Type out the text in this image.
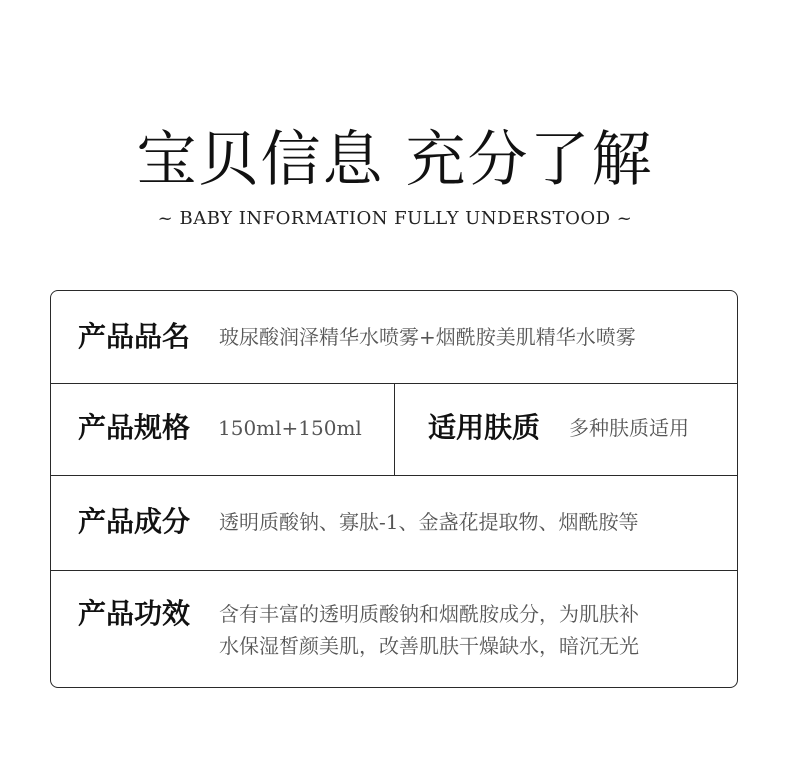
宝贝信息 充分了解
~ BABY INFORMATION FULLY UNDERSTOOD ~
产品品名 玻尿酸润泽精华水喷雾+烟酰胺美肌精华水喷雾
产品规格 150ml+150ml 适用肤质 多种肤质适用
产品成分 透明质酸钠、寡肽-1、金盏花提取物、烟酰胺等
产品功效 含有丰富的透明质酸钠和烟酰胺成分，为肌肤补
水保湿皙颜美肌，改善肌肤干燥缺水，暗沉无光
